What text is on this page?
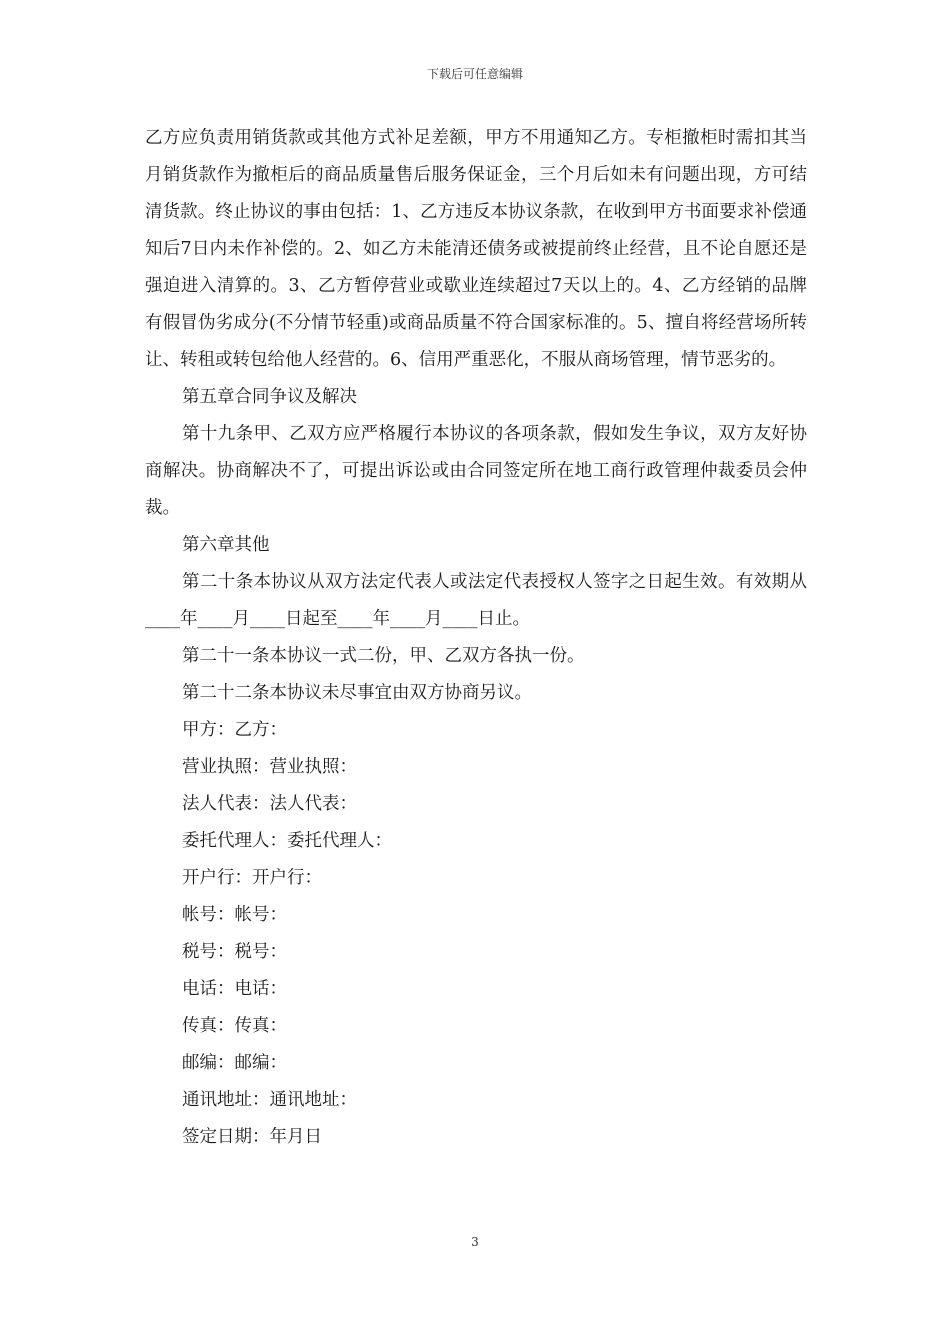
下载后可任意编辑

乙方应负责用销货款或其他方式补足差额，甲方不用通知乙方。专柜撤柜时需扣其当月销货款作为撤柜后的商品质量售后服务保证金，三个月后如未有问题出现，方可结清货款。终止协议的事由包括：1、乙方违反本协议条款，在收到甲方书面要求补偿通知后7日内未作补偿的。2、如乙方未能清还债务或被提前终止经营，且不论自愿还是强迫进入清算的。3、乙方暂停营业或歇业连续超过7天以上的。4、乙方经销的品牌有假冒伪劣成分(不分情节轻重)或商品质量不符合国家标准的。5、擅自将经营场所转让、转租或转包给他人经营的。6、信用严重恶化，不服从商场管理，情节恶劣的。

第五章合同争议及解决

第十九条甲、乙双方应严格履行本协议的各项条款，假如发生争议，双方友好协商解决。协商解决不了，可提出诉讼或由合同签定所在地工商行政管理仲裁委员会仲裁。

第六章其他

第二十条本协议从双方法定代表人或法定代表授权人签字之日起生效。有效期从____年____月____日起至____年____月____日止。

第二十一条本协议一式二份，甲、乙双方各执一份。

第二十二条本协议未尽事宜由双方协商另议。

甲方：乙方：

营业执照：营业执照：

法人代表：法人代表：

委托代理人：委托代理人：

开户行：开户行：

帐号：帐号：

税号：税号：

电话：电话：

传真：传真：

邮编：邮编：

通讯地址：通讯地址：

签定日期：年月日

3
